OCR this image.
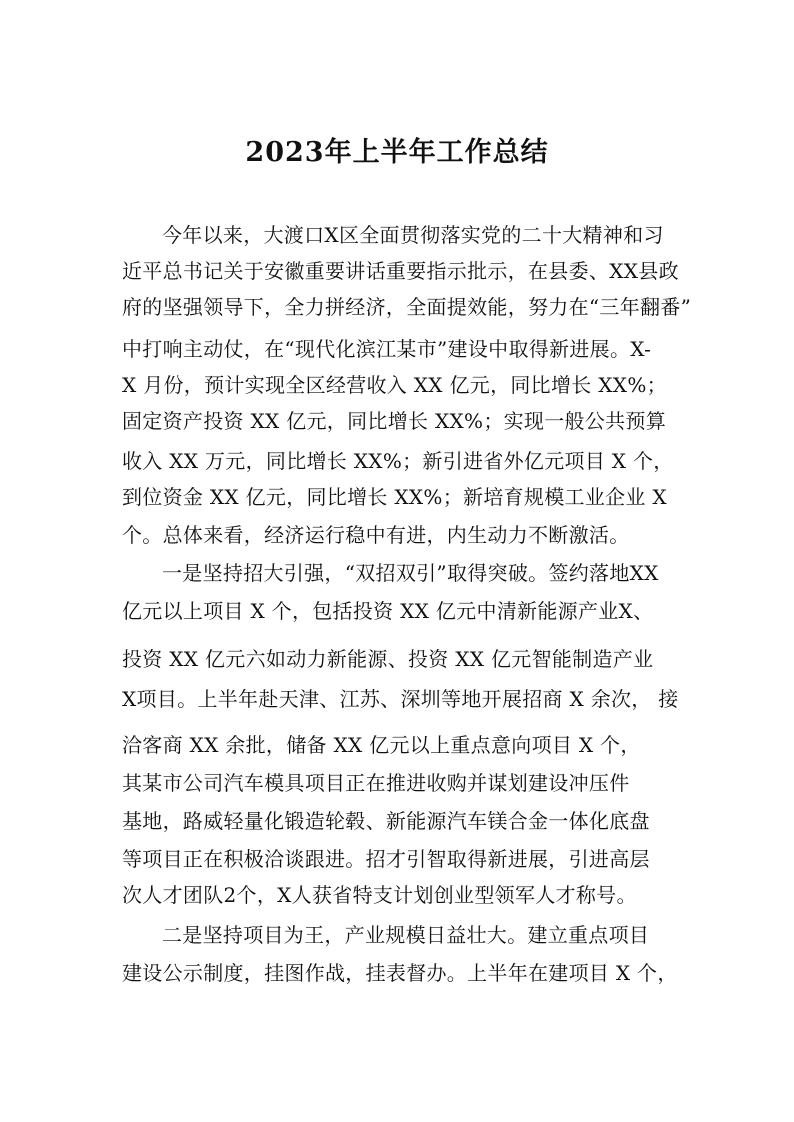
2023年上半年工作总结
今年以来，大渡口X区全面贯彻落实党的二十大精神和习
近平总书记关于安徽重要讲话重要指示批示，在县委、XX县政
府的坚强领导下，全力拼经济，全面提效能，努力在“三年翻番”
中打响主动仗，在“现代化滨江某市”建设中取得新进展。X-
X 月份，预计实现全区经营收入 XX 亿元，同比增长 XX%；
固定资产投资 XX 亿元，同比增长 XX%；实现一般公共预算
收入 XX 万元，同比增长 XX%；新引进省外亿元项目 X 个，
到位资金 XX 亿元，同比增长 XX%；新培育规模工业企业 X
个。总体来看，经济运行稳中有进，内生动力不断激活。
一是坚持招大引强，“双招双引”取得突破。签约落地XX
亿元以上项目 X 个，包括投资 XX 亿元中清新能源产业X、
投资 XX 亿元六如动力新能源、投资 XX 亿元智能制造产业
X项目。上半年赴天津、江苏、深圳等地开展招商 X 余次， 接
洽客商 XX 余批，储备 XX 亿元以上重点意向项目 X 个，
其某市公司汽车模具项目正在推进收购并谋划建设冲压件
基地，路威轻量化锻造轮毂、新能源汽车镁合金一体化底盘
等项目正在积极洽谈跟进。招才引智取得新进展，引进高层
次人才团队2个，X人获省特支计划创业型领军人才称号。
二是坚持项目为王，产业规模日益壮大。建立重点项目
建设公示制度，挂图作战，挂表督办。上半年在建项目 X 个，
